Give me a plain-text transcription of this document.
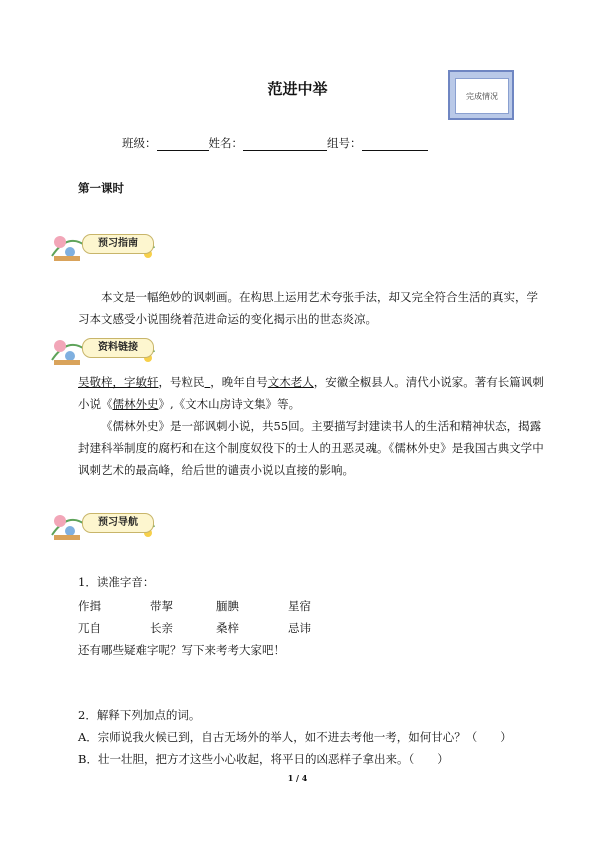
范进中举	完成情况
班级：	姓名：	组号：
第一课时
预习指南
本文是一幅绝妙的讽刺画。在构思上运用艺术夸张手法，却又完全符合生活的真实，学习本文感受小说围绕着范进命运的变化揭示出的世态炎凉。
资料链接
吴敬梓，字敏轩，号粒民  ，晚年自号文木老人，安徽全椒县人。清代小说家。著有长篇讽刺小说《儒林外史》,《文木山房诗文集》等。
《儒林外史》是一部讽刺小说，共55回。主要描写封建读书人的生活和精神状态，揭露封建科举制度的腐朽和在这个制度奴役下的士人的丑恶灵魂。《儒林外史》是我国古典文学中讽刺艺术的最高峰，给后世的谴责小说以直接的影响。
预习导航
1．读准字音：
作揖	带挈	腼腆	星宿
兀自	长亲	桑梓	忌讳
还有哪些疑难字呢？写下来考考大家吧！
2．解释下列加点的词。
A．宗师说我火候已到，自古无场外的举人，如不进去考他一考，如何甘心？（　　）
B．壮一壮胆，把方才这些小心收起，将平日的凶恶样子拿出来。（　　）
1 / 4
